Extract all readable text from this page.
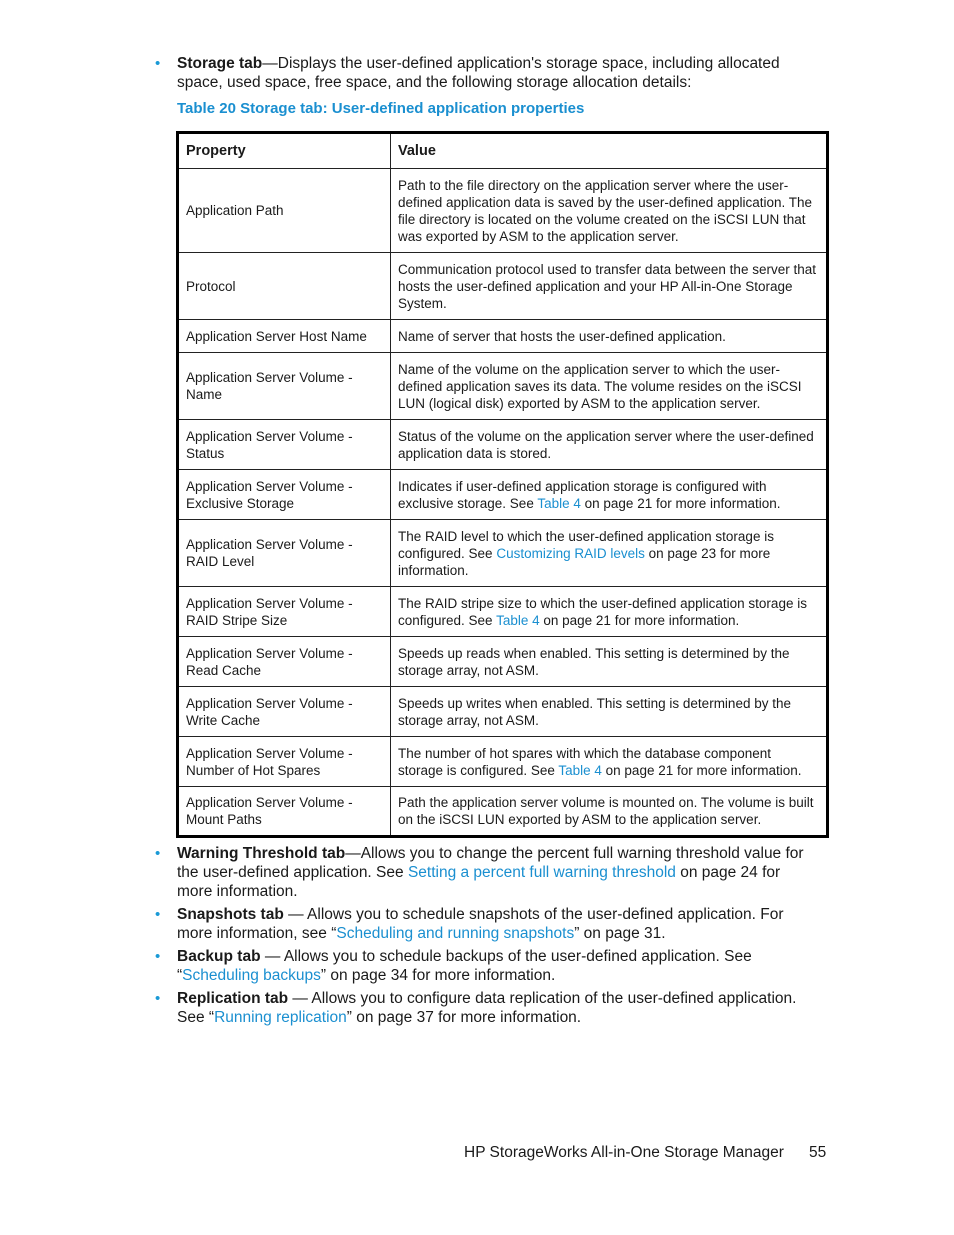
• Storage tab—Displays the user-defined application's storage space, including allocated space, used space, free space, and the following storage allocation details:
Table 20 Storage tab: User-defined application properties
Property	Value
Application Path	Path to the file directory on the application server where the user-defined application data is saved by the user-defined application. The file directory is located on the volume created on the iSCSI LUN that was exported by ASM to the application server.
Protocol	Communication protocol used to transfer data between the server that hosts the user-defined application and your HP All-in-One Storage System.
Application Server Host Name	Name of server that hosts the user-defined application.
Application Server Volume - Name	Name of the volume on the application server to which the user-defined application saves its data. The volume resides on the iSCSI LUN (logical disk) exported by ASM to the application server.
Application Server Volume - Status	Status of the volume on the application server where the user-defined application data is stored.
Application Server Volume - Exclusive Storage	Indicates if user-defined application storage is configured with exclusive storage. See Table 4 on page 21 for more information.
Application Server Volume - RAID Level	The RAID level to which the user-defined application storage is configured. See Customizing RAID levels on page 23 for more information.
Application Server Volume - RAID Stripe Size	The RAID stripe size to which the user-defined application storage is configured. See Table 4 on page 21 for more information.
Application Server Volume - Read Cache	Speeds up reads when enabled. This setting is determined by the storage array, not ASM.
Application Server Volume - Write Cache	Speeds up writes when enabled. This setting is determined by the storage array, not ASM.
Application Server Volume - Number of Hot Spares	The number of hot spares with which the database component storage is configured. See Table 4 on page 21 for more information.
Application Server Volume - Mount Paths	Path the application server volume is mounted on. The volume is built on the iSCSI LUN exported by ASM to the application server.
• Warning Threshold tab—Allows you to change the percent full warning threshold value for the user-defined application. See Setting a percent full warning threshold on page 24 for more information.
• Snapshots tab — Allows you to schedule snapshots of the user-defined application. For more information, see “Scheduling and running snapshots” on page 31.
• Backup tab — Allows you to schedule backups of the user-defined application. See “Scheduling backups” on page 34 for more information.
• Replication tab — Allows you to configure data replication of the user-defined application. See “Running replication” on page 37 for more information.
HP StorageWorks All-in-One Storage Manager 55
